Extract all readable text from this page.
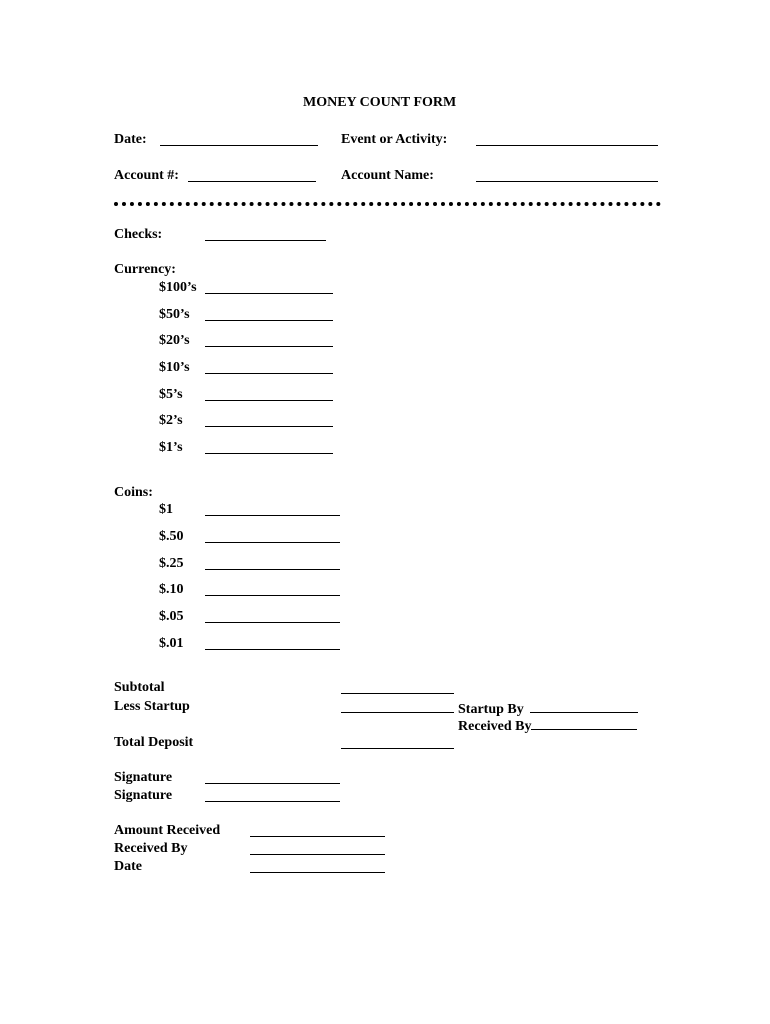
MONEY COUNT FORM
Date:	Event or Activity:
Account #:	Account Name:
Checks:
Currency:
$100’s
$50’s
$20’s
$10’s
$5’s
$2’s
$1’s
Coins:
$1
$.50
$.25
$.10
$.05
$.01
Subtotal
Less Startup	Startup By
Received By
Total Deposit
Signature
Signature
Amount Received
Received By
Date
